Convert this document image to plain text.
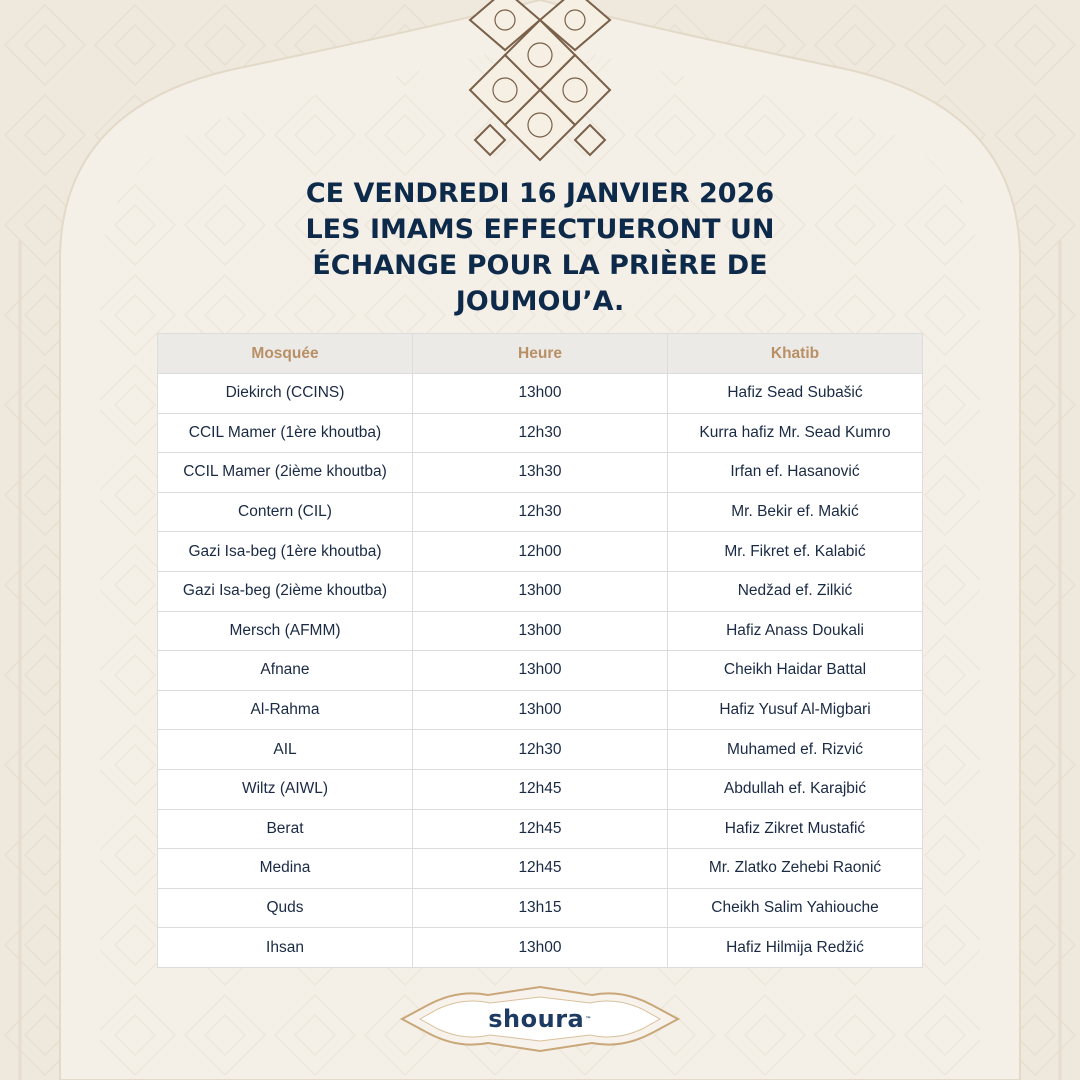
CE VENDREDI 16 JANVIER 2026
LES IMAMS EFFECTUERONT UN
ÉCHANGE POUR LA PRIÈRE DE
JOUMOU’A.
Mosquée	Heure	Khatib
Diekirch (CCINS)	13h00	Hafiz Sead Subašić
CCIL Mamer (1ère khoutba)	12h30	Kurra hafiz Mr. Sead Kumro
CCIL Mamer (2ième khoutba)	13h30	Irfan ef. Hasanović
Contern (CIL)	12h30	Mr. Bekir ef. Makić
Gazi Isa-beg (1ère khoutba)	12h00	Mr. Fikret ef. Kalabić
Gazi Isa-beg (2ième khoutba)	13h00	Nedžad ef. Zilkić
Mersch (AFMM)	13h00	Hafiz Anass Doukali
Afnane	13h00	Cheikh Haidar Battal
Al-Rahma	13h00	Hafiz Yusuf Al-Migbari
AIL	12h30	Muhamed ef. Rizvić
Wiltz (AIWL)	12h45	Abdullah ef. Karajbić
Berat	12h45	Hafiz Zikret Mustafić
Medina	12h45	Mr. Zlatko Zehebi Raonić
Quds	13h15	Cheikh Salim Yahiouche
Ihsan	13h00	Hafiz Hilmija Redžić
shoura ™
